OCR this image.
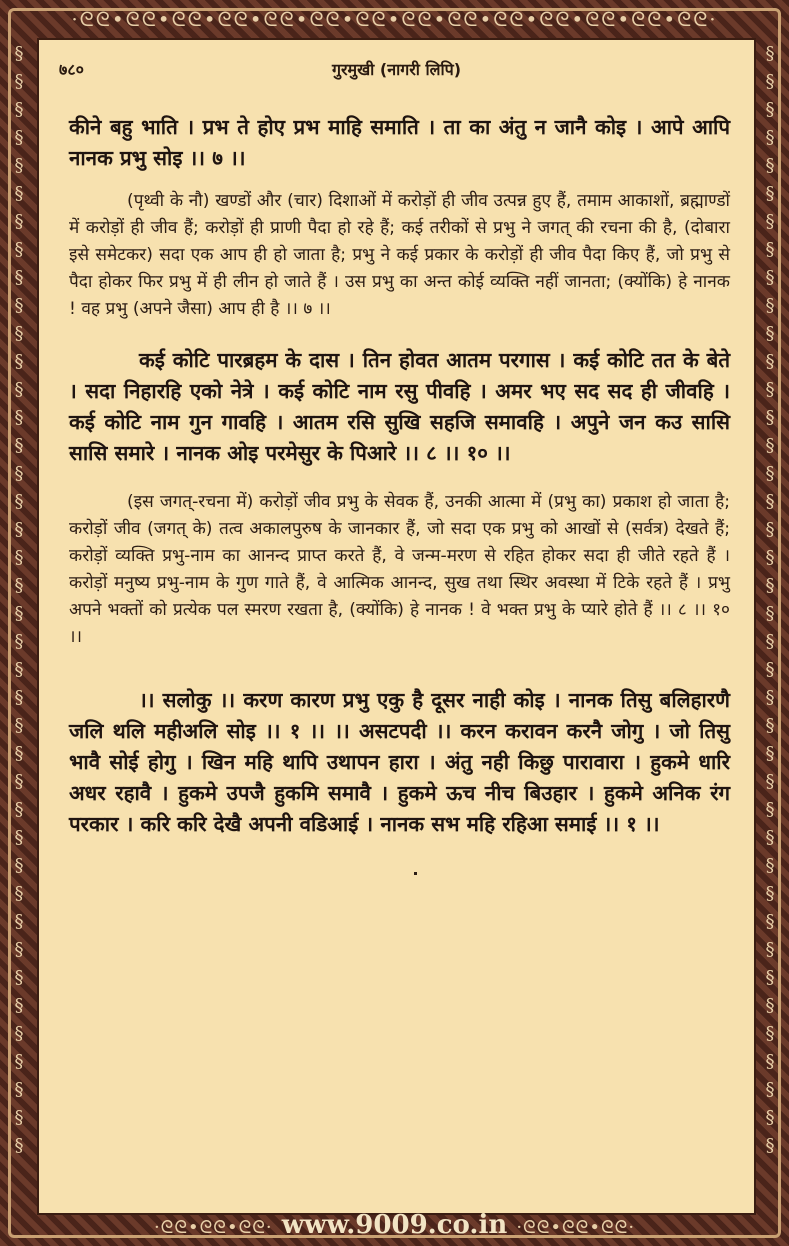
·ᘓᘓ•ᘓᘓ•ᘓᘓ•ᘓᘓ•ᘓᘓ•ᘓᘓ•ᘓᘓ•ᘓᘓ•ᘓᘓ•ᘓᘓ•ᘓᘓ•ᘓᘓ•ᘓᘓ•ᘓᘓ·
§
§
§
§
§
§
§
§
§
§
§
§
§
§
§
§
§
§
§
§
§
§
§
§
§
§
§
§
§
§
§
§
§
§
§
§
§
§
§
§
§
§
§
§
§
§
§
§
§
§
§
§
§
§
§
§
§
§
§
§
§
§
§
§
§
§
§
§
§
§
§
§
§
§
§
§
§
§
§
§
७८०	गुरमुखी (नागरी लिपि)

कीने बहु भाति । प्रभ ते होए प्रभ माहि समाति । ता का अंतु न जानै कोइ । आपे आपि नानक प्रभु सोइ ।। ७ ।।

(पृथ्वी के नौ) खण्डों और (चार) दिशाओं में करोड़ों ही जीव उत्पन्न हुए हैं, तमाम आकाशों, ब्रह्माण्डों में करोड़ों ही जीव हैं; करोड़ों ही प्राणी पैदा हो रहे हैं; कई तरीकों से प्रभु ने जगत् की रचना की है, (दोबारा इसे समेटकर) सदा एक आप ही हो जाता है; प्रभु ने कई प्रकार के करोड़ों ही जीव पैदा किए हैं, जो प्रभु से पैदा होकर फिर प्रभु में ही लीन हो जाते हैं । उस प्रभु का अन्त कोई व्यक्ति नहीं जानता; (क्योंकि) हे नानक ! वह प्रभु (अपने जैसा) आप ही है ।। ७ ।।

कई कोटि पारब्रहम के दास । तिन होवत आतम परगास । कई कोटि तत के बेते । सदा निहारहि एको नेत्रे । कई कोटि नाम रसु पीवहि । अमर भए सद सद ही जीवहि । कई कोटि नाम गुन गावहि । आतम रसि सुखि सहजि समावहि । अपुने जन कउ सासि सासि समारे । नानक ओइ परमेसुर के पिआरे ।। ८ ।। १० ।।

(इस जगत्-रचना में) करोड़ों जीव प्रभु के सेवक हैं, उनकी आत्मा में (प्रभु का) प्रकाश हो जाता है; करोड़ों जीव (जगत् के) तत्व अकालपुरुष के जानकार हैं, जो सदा एक प्रभु को आखों से (सर्वत्र) देखते हैं; करोड़ों व्यक्ति प्रभु-नाम का आनन्द प्राप्त करते हैं, वे जन्म-मरण से रहित होकर सदा ही जीते रहते हैं । करोड़ों मनुष्य प्रभु-नाम के गुण गाते हैं, वे आत्मिक आनन्द, सुख तथा स्थिर अवस्था में टिके रहते हैं । प्रभु अपने भक्तों को प्रत्येक पल स्मरण रखता है, (क्योंकि) हे नानक ! वे भक्त प्रभु के प्यारे होते हैं ।। ८ ।। १० ।।

।। सलोकु ।। करण कारण प्रभु एकु है दूसर नाही कोइ । नानक तिसु बलिहारणै जलि थलि महीअलि सोइ ।। १ ।। ।। असटपदी ।। करन करावन करनै जोगु । जो तिसु भावै सोई होगु । खिन महि थापि उथापन हारा । अंतु नही किछु पारावारा । हुकमे धारि अधर रहावै । हुकमे उपजै हुकमि समावै । हुकमे ऊच नीच बिउहार । हुकमे अनिक रंग परकार । करि करि देखै अपनी वडिआई । नानक सभ महि रहिआ समाई ।। १ ।।

·ᘓᘓ•ᘓᘓ•ᘓᘓ· www.9009.co.in ·ᘓᘓ•ᘓᘓ•ᘓᘓ·
